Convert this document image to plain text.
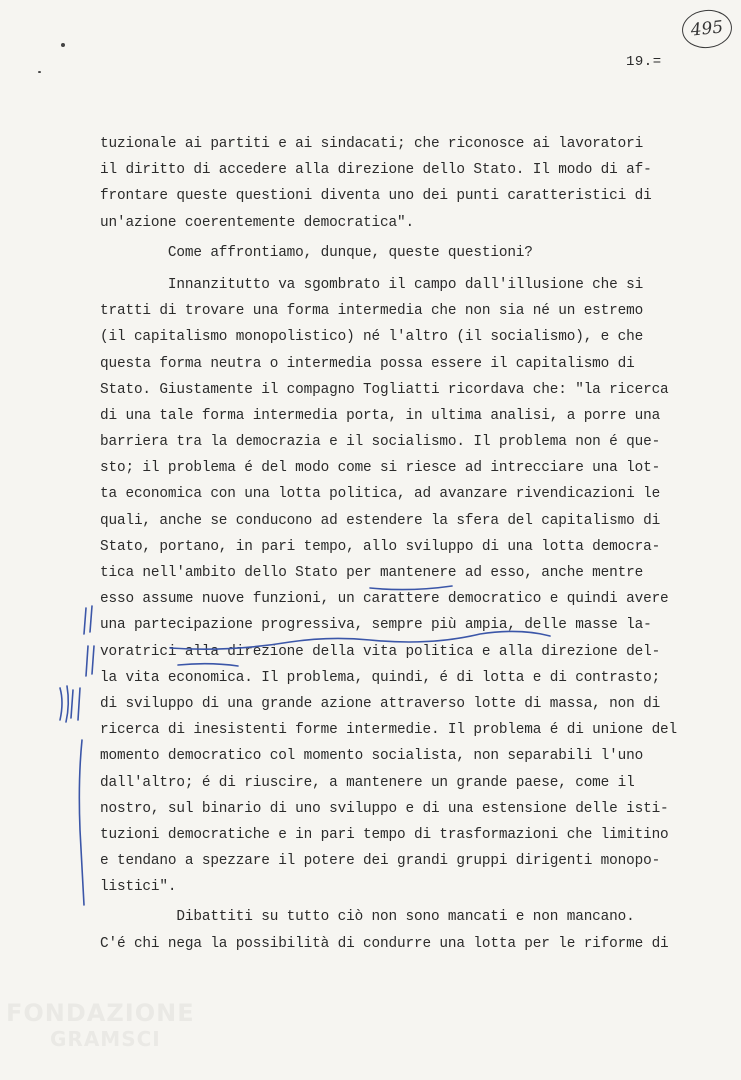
495
19.=
tuzionale ai partiti e ai sindacati; che riconosce ai lavoratori
il diritto di accedere alla direzione dello Stato. Il modo di af-
frontare queste questioni diventa uno dei punti caratteristici di
un'azione coerentemente democratica".
Come affrontiamo, dunque, queste questioni?
Innanzitutto va sgombrato il campo dall'illusione che si
tratti di trovare una forma intermedia che non sia né un estremo
(il capitalismo monopolistico) né l'altro (il socialismo), e che
questa forma neutra o intermedia possa essere il capitalismo di
Stato. Giustamente il compagno Togliatti ricordava che: "la ricerca
di una tale forma intermedia porta, in ultima analisi, a porre una
barriera tra la democrazia e il socialismo. Il problema non é que-
sto; il problema é del modo come si riesce ad intrecciare una lot-
ta economica con una lotta politica, ad avanzare rivendicazioni le
quali, anche se conducono ad estendere la sfera del capitalismo di
Stato, portano, in pari tempo, allo sviluppo di una lotta democra-
tica nell'ambito dello Stato per mantenere ad esso, anche mentre
esso assume nuove funzioni, un carattere democratico e quindi avere
una partecipazione progressiva, sempre più ampia, delle masse la-
voratrici alla direzione della vita politica e alla direzione del-
la vita economica. Il problema, quindi, é di lotta e di contrasto;
di sviluppo di una grande azione attraverso lotte di massa, non di
ricerca di inesistenti forme intermedie. Il problema é di unione del
momento democratico col momento socialista, non separabili l'uno
dall'altro; é di riuscire, a mantenere un grande paese, come il
nostro, sul binario di uno sviluppo e di una estensione delle isti-
tuzioni democratiche e in pari tempo di trasformazioni che limitino
e tendano a spezzare il potere dei grandi gruppi dirigenti monopo-
listici".
Dibattiti su tutto ciò non sono mancati e non mancano.
C'é chi nega la possibilità di condurre una lotta per le riforme di
FONDAZIONE
GRAMSCI
